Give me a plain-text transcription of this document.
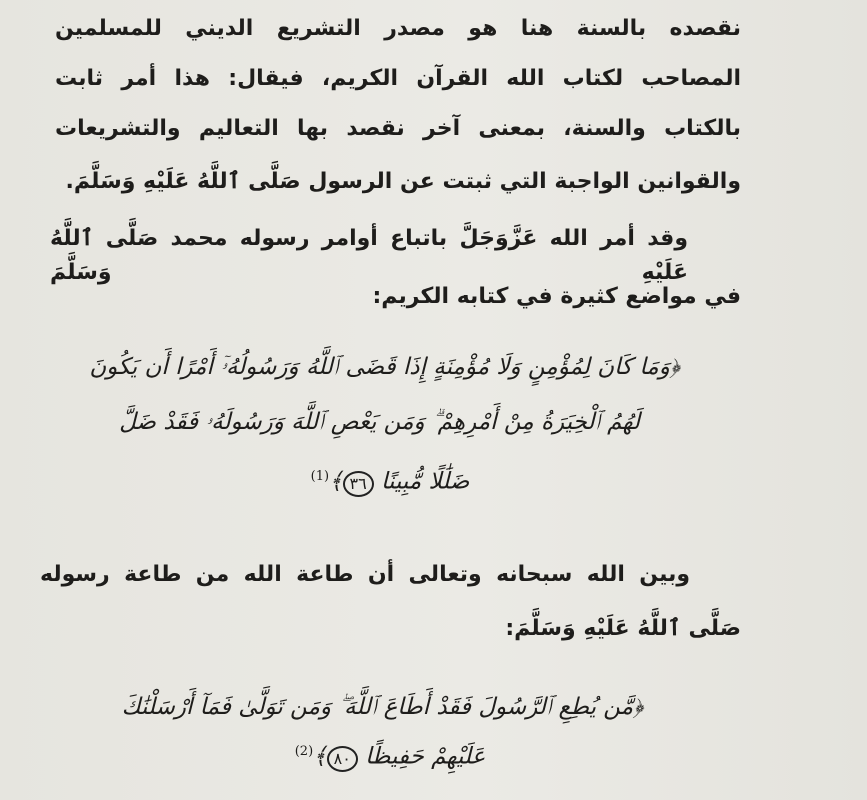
نقصده بالسنة هنا هو مصدر التشريع الديني للمسلمين
المصاحب لكتاب الله القرآن الكريم، فيقال: هذا أمر ثابت
بالكتاب والسنة، بمعنى آخر نقصد بها التعاليم والتشريعات
والقوانين الواجبة التي ثبتت عن الرسول صَلَّى ٱللَّهُ عَلَيْهِ وَسَلَّمَ.
وقد أمر الله عَزَّوَجَلَّ باتباع أوامر رسوله محمد صَلَّى ٱللَّهُ عَلَيْهِ وَسَلَّمَ
في مواضع كثيرة في كتابه الكريم:
﴿وَمَا كَانَ لِمُؤْمِنٍ وَلَا مُؤْمِنَةٍ إِذَا قَضَى ٱللَّهُ وَرَسُولُهُۥٓ أَمْرًا أَن يَكُونَ
لَهُمُ ٱلْخِيَرَةُ مِنْ أَمْرِهِمْ ۗ وَمَن يَعْصِ ٱللَّهَ وَرَسُولَهُۥ فَقَدْ ضَلَّ
ضَلَٰلًا مُّبِينًا ٣٦﴾$^{(1)}$
وبين الله سبحانه وتعالى أن طاعة الله من طاعة رسوله
صَلَّى ٱللَّهُ عَلَيْهِ وَسَلَّمَ:
﴿مَّن يُطِعِ ٱلرَّسُولَ فَقَدْ أَطَاعَ ٱللَّهَ ۖ وَمَن تَوَلَّىٰ فَمَآ أَرْسَلْنَٰكَ
عَلَيْهِمْ حَفِيظًا ٨٠﴾$^{(2)}$
